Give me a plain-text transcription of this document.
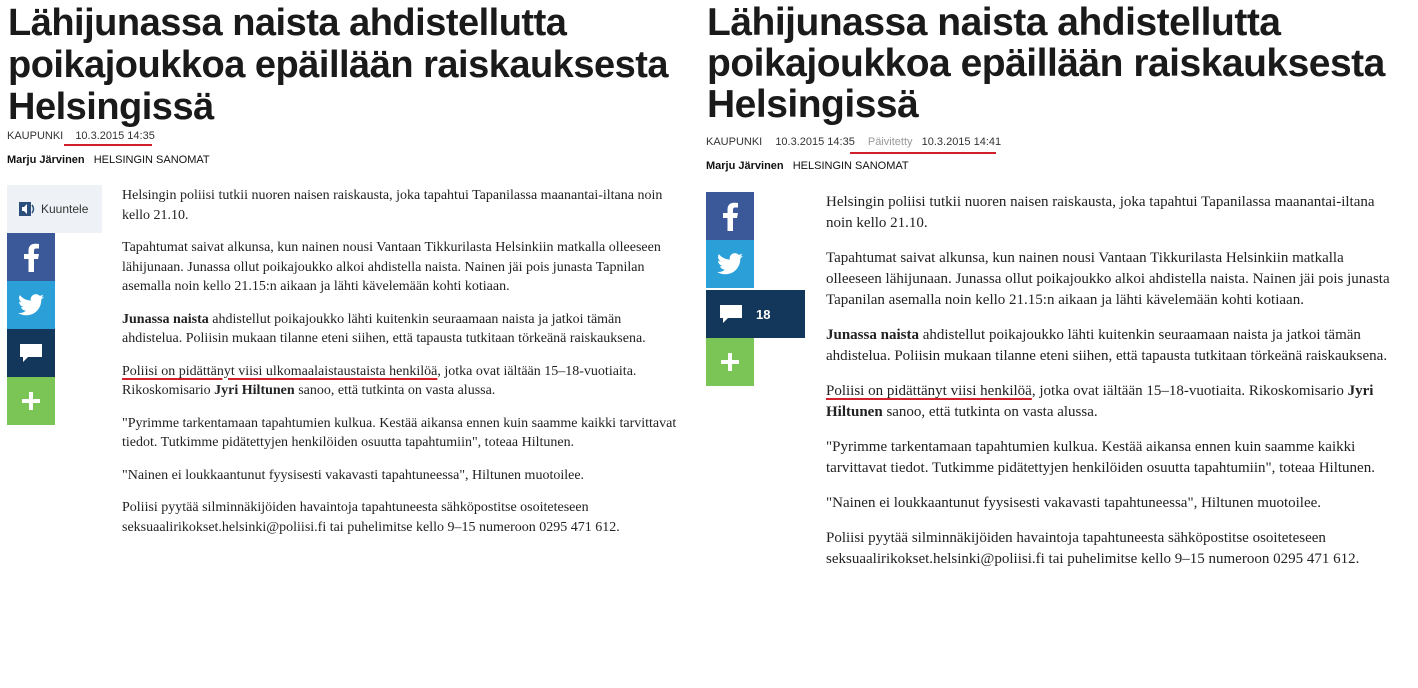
Lähijunassa naista ahdistellutta poikajoukkoa epäillään raiskauksesta Helsingissä
KAUPUNKI 10.3.2015 14:35
Marju Järvinen HELSINGIN SANOMAT
Kuuntele

Helsingin poliisi tutkii nuoren naisen raiskausta, joka tapahtui Tapanilassa maanantai-iltana noin kello 21.10.

Tapahtumat saivat alkunsa, kun nainen nousi Vantaan Tikkurilasta Helsinkiin matkalla olleeseen lähijunaan. Junassa ollut poikajoukko alkoi ahdistella naista. Nainen jäi pois junasta Tapnilan asemalla noin kello 21.15:n aikaan ja lähti kävelemään kohti kotiaan.

Junassa naista ahdistellut poikajoukko lähti kuitenkin seuraamaan naista ja jatkoi tämän ahdistelua. Poliisin mukaan tilanne eteni siihen, että tapausta tutkitaan törkeänä raiskauksena.

Poliisi on pidättänyt viisi ulkomaalaistaustaista henkilöä, jotka ovat iältään 15–18-vuotiaita. Rikoskomisario Jyri Hiltunen sanoo, että tutkinta on vasta alussa.

"Pyrimme tarkentamaan tapahtumien kulkua. Kestää aikansa ennen kuin saamme kaikki tarvittavat tiedot. Tutkimme pidätettyjen henkilöiden osuutta tapahtumiin", toteaa Hiltunen.

"Nainen ei loukkaantunut fyysisesti vakavasti tapahtuneessa", Hiltunen muotoilee.

Poliisi pyytää silminnäkijöiden havaintoja tapahtuneesta sähköpostitse osoiteteseen seksuaalirikokset.helsinki@poliisi.fi tai puhelimitse kello 9–15 numeroon 0295 471 612.

Lähijunassa naista ahdistellutta poikajoukkoa epäillään raiskauksesta Helsingissä
KAUPUNKI 10.3.2015 14:35 Päivitetty 10.3.2015 14:41
Marju Järvinen HELSINGIN SANOMAT
18

Helsingin poliisi tutkii nuoren naisen raiskausta, joka tapahtui Tapanilassa maanantai-iltana noin kello 21.10.

Tapahtumat saivat alkunsa, kun nainen nousi Vantaan Tikkurilasta Helsinkiin matkalla olleeseen lähijunaan. Junassa ollut poikajoukko alkoi ahdistella naista. Nainen jäi pois junasta Tapanilan asemalla noin kello 21.15:n aikaan ja lähti kävelemään kohti kotiaan.

Junassa naista ahdistellut poikajoukko lähti kuitenkin seuraamaan naista ja jatkoi tämän ahdistelua. Poliisin mukaan tilanne eteni siihen, että tapausta tutkitaan törkeänä raiskauksena.

Poliisi on pidättänyt viisi henkilöä, jotka ovat iältään 15–18-vuotiaita. Rikoskomisario Jyri Hiltunen sanoo, että tutkinta on vasta alussa.

"Pyrimme tarkentamaan tapahtumien kulkua. Kestää aikansa ennen kuin saamme kaikki tarvittavat tiedot. Tutkimme pidätettyjen henkilöiden osuutta tapahtumiin", toteaa Hiltunen.

"Nainen ei loukkaantunut fyysisesti vakavasti tapahtuneessa", Hiltunen muotoilee.

Poliisi pyytää silminnäkijöiden havaintoja tapahtuneesta sähköpostitse osoiteteseen seksuaalirikokset.helsinki@poliisi.fi tai puhelimitse kello 9–15 numeroon 0295 471 612.
